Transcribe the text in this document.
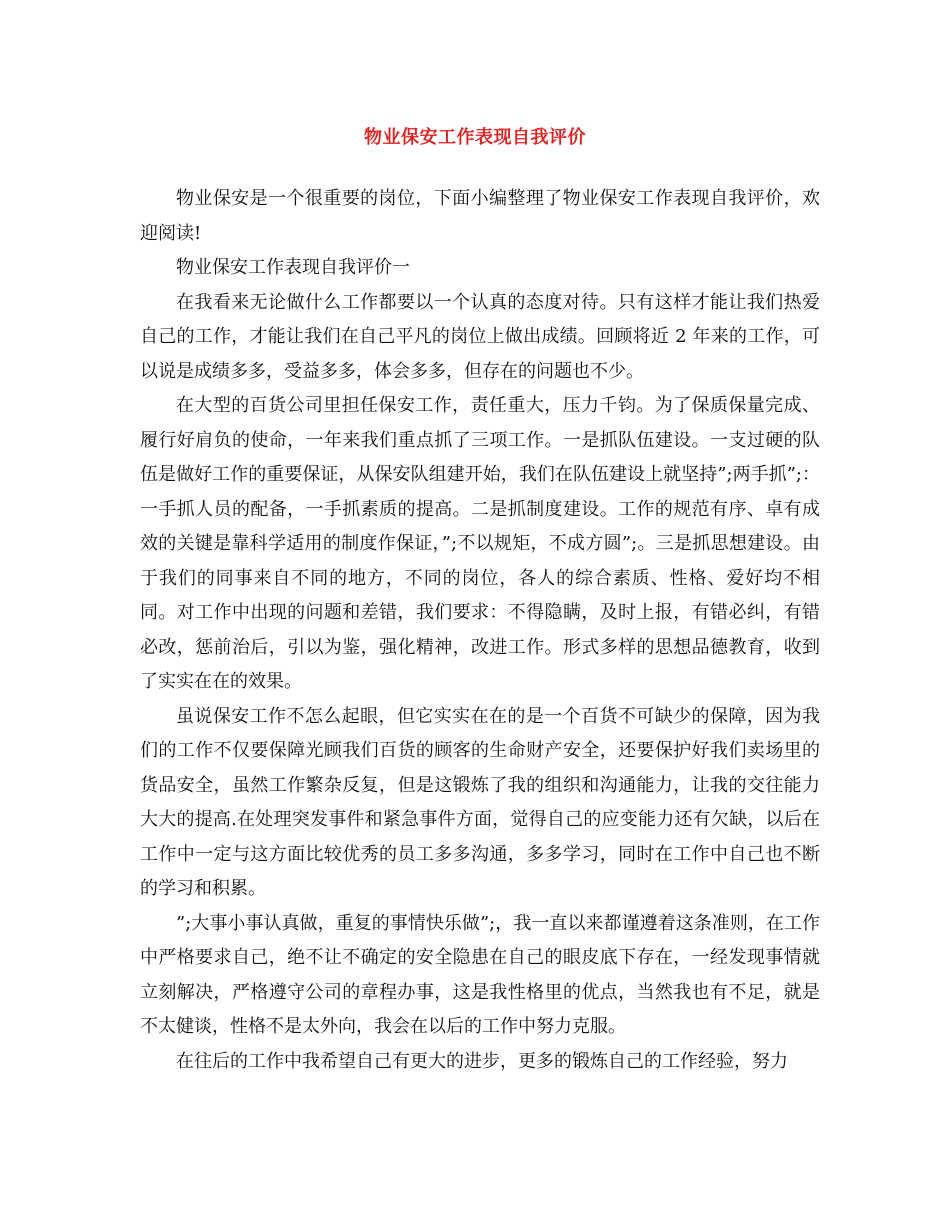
物业保安工作表现自我评价

物业保安是一个很重要的岗位，下面小编整理了物业保安工作表现自我评价，欢迎阅读!

物业保安工作表现自我评价一

在我看来无论做什么工作都要以一个认真的态度对待。只有这样才能让我们热爱自己的工作，才能让我们在自己平凡的岗位上做出成绩。回顾将近 2 年来的工作，可以说是成绩多多，受益多多，体会多多，但存在的问题也不少。

在大型的百货公司里担任保安工作，责任重大，压力千钧。为了保质保量完成、履行好肩负的使命，一年来我们重点抓了三项工作。一是抓队伍建设。一支过硬的队伍是做好工作的重要保证，从保安队组建开始，我们在队伍建设上就坚持”;两手抓”;：一手抓人员的配备，一手抓素质的提高。二是抓制度建设。工作的规范有序、卓有成效的关键是靠科学适用的制度作保证，”;不以规矩，不成方圆”;。三是抓思想建设。由于我们的同事来自不同的地方，不同的岗位，各人的综合素质、性格、爱好均不相同。对工作中出现的问题和差错，我们要求：不得隐瞒，及时上报，有错必纠，有错必改，惩前治后，引以为鉴，强化精神，改进工作。形式多样的思想品德教育，收到了实实在在的效果。

虽说保安工作不怎么起眼，但它实实在在的是一个百货不可缺少的保障，因为我们的工作不仅要保障光顾我们百货的顾客的生命财产安全，还要保护好我们卖场里的货品安全，虽然工作繁杂反复，但是这锻炼了我的组织和沟通能力，让我的交往能力大大的提高.在处理突发事件和紧急事件方面，觉得自己的应变能力还有欠缺，以后在工作中一定与这方面比较优秀的员工多多沟通，多多学习，同时在工作中自己也不断的学习和积累。

”;大事小事认真做，重复的事情快乐做”;，我一直以来都谨遵着这条准则，在工作中严格要求自己，绝不让不确定的安全隐患在自己的眼皮底下存在，一经发现事情就立刻解决，严格遵守公司的章程办事，这是我性格里的优点，当然我也有不足，就是不太健谈，性格不是太外向，我会在以后的工作中努力克服。

在往后的工作中我希望自己有更大的进步，更多的锻炼自己的工作经验，努力
